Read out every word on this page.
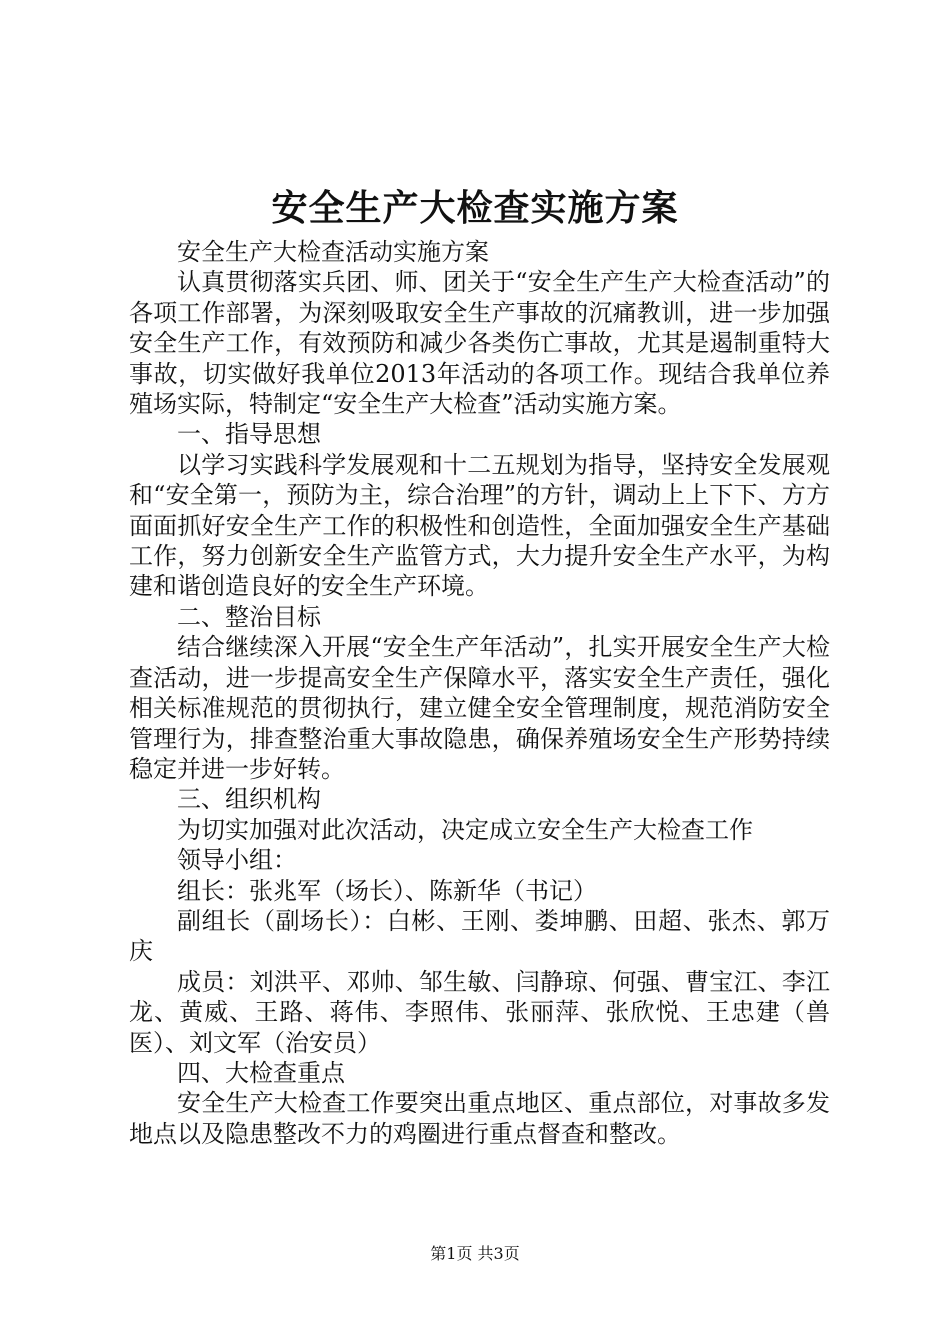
安全生产大检查实施方案

安全生产大检查活动实施方案

认真贯彻落实兵团、师、团关于“安全生产生产大检查活动”的各项工作部署，为深刻吸取安全生产事故的沉痛教训，进一步加强安全生产工作，有效预防和减少各类伤亡事故，尤其是遏制重特大事故，切实做好我单位2013年活动的各项工作。现结合我单位养殖场实际，特制定“安全生产大检查”活动实施方案。

一、指导思想

以学习实践科学发展观和十二五规划为指导，坚持安全发展观和“安全第一，预防为主，综合治理”的方针，调动上上下下、方方面面抓好安全生产工作的积极性和创造性，全面加强安全生产基础工作，努力创新安全生产监管方式，大力提升安全生产水平，为构建和谐创造良好的安全生产环境。

二、整治目标

结合继续深入开展“安全生产年活动”，扎实开展安全生产大检查活动，进一步提高安全生产保障水平，落实安全生产责任，强化相关标准规范的贯彻执行，建立健全安全管理制度，规范消防安全管理行为，排查整治重大事故隐患，确保养殖场安全生产形势持续稳定并进一步好转。

三、组织机构

为切实加强对此次活动，决定成立安全生产大检查工作

领导小组：

组长：张兆军（场长）、陈新华（书记）

副组长（副场长）：白彬、王刚、娄坤鹏、田超、张杰、郭万庆

成员：刘洪平、邓帅、邹生敏、闫静琼、何强、曹宝江、李江龙、黄威、王路、蒋伟、李照伟、张丽萍、张欣悦、王忠建（兽医）、刘文军（治安员）

四、大检查重点

安全生产大检查工作要突出重点地区、重点部位，对事故多发地点以及隐患整改不力的鸡圈进行重点督查和整改。

第1页 共3页
